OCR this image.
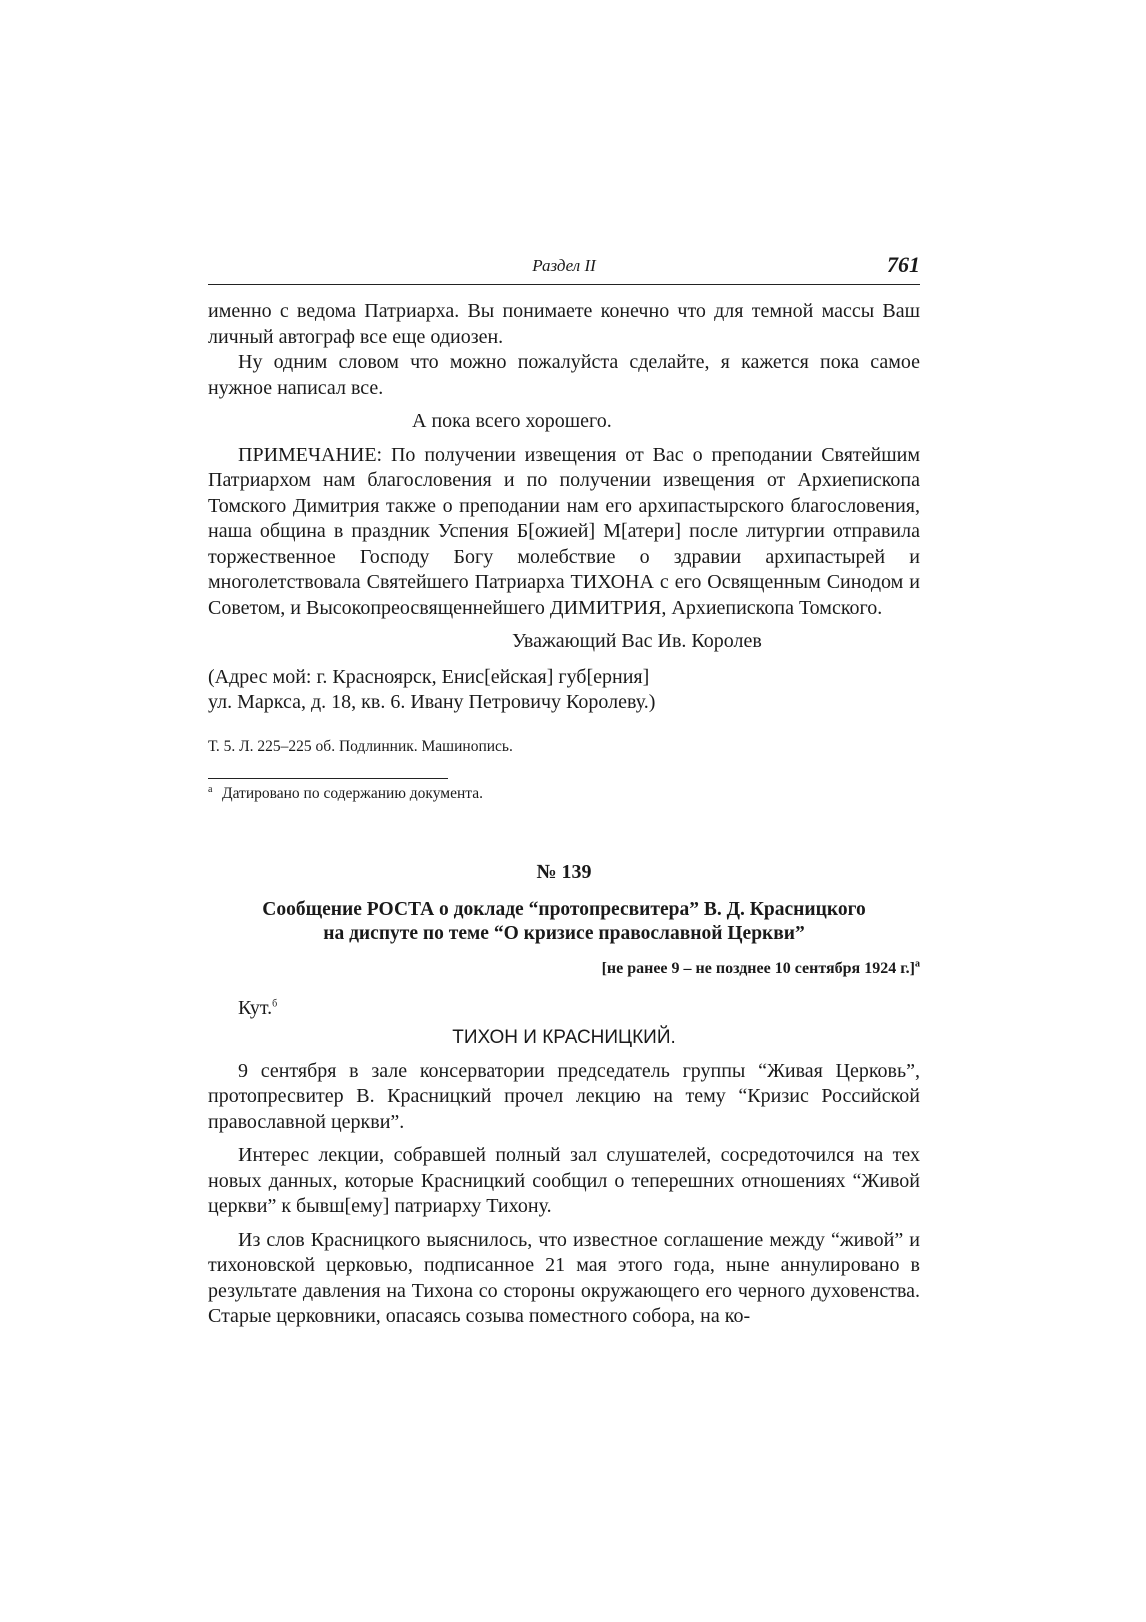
Раздел II	761

именно с ведома Патриарха. Вы понимаете конечно что для темной массы Ваш личный автограф все еще одиозен.

Ну одним словом что можно пожалуйста сделайте, я кажется пока самое нужное написал все.

А пока всего хорошего.

ПРИМЕЧАНИЕ: По получении извещения от Вас о преподании Святейшим Патриархом нам благословения и по получении извещения от Архиепископа Томского Димитрия также о преподании нам его архипастырского благословения, наша община в праздник Успения Б[ожией] М[атери] после литургии отправила торжественное Господу Богу молебствие о здравии архипастырей и многолетствовала Святейшего Патриарха ТИХОНА с его Освященным Синодом и Советом, и Высокопреосвященнейшего ДИМИТРИЯ, Архиепископа Томского.

Уважающий Вас Ив. Королев

(Адрес мой: г. Красноярск, Енис[ейская] губ[ерния]

ул. Маркса, д. 18, кв. 6. Ивану Петровичу Королеву.)

Т. 5. Л. 225–225 об. Подлинник. Машинопись.
$^а$ Датировано по содержанию документа.
№ 139
Сообщение РОСТА о докладе “протопресвитера” В. Д. Красницкого
на диспуте по теме “О кризисе православной Церкви”
[не ранее 9 – не позднее 10 сентября 1924 г.]$^а$

Кут.$^б$

ТИХОН И КРАСНИЦКИЙ.

9 сентября в зале консерватории председатель группы “Живая Церковь”, протопресвитер В. Красницкий прочел лекцию на тему “Кризис Российской православной церкви”.

Интерес лекции, собравшей полный зал слушателей, сосредоточился на тех новых данных, которые Красницкий сообщил о теперешних отношениях “Живой церкви” к бывш[ему] патриарху Тихону.

Из слов Красницкого выяснилось, что известное соглашение между “живой” и тихоновской церковью, подписанное 21 мая этого года, ныне аннулировано в результате давления на Тихона со стороны окружающего его черного духовенства. Старые церковники, опасаясь созыва поместного собора, на ко-
